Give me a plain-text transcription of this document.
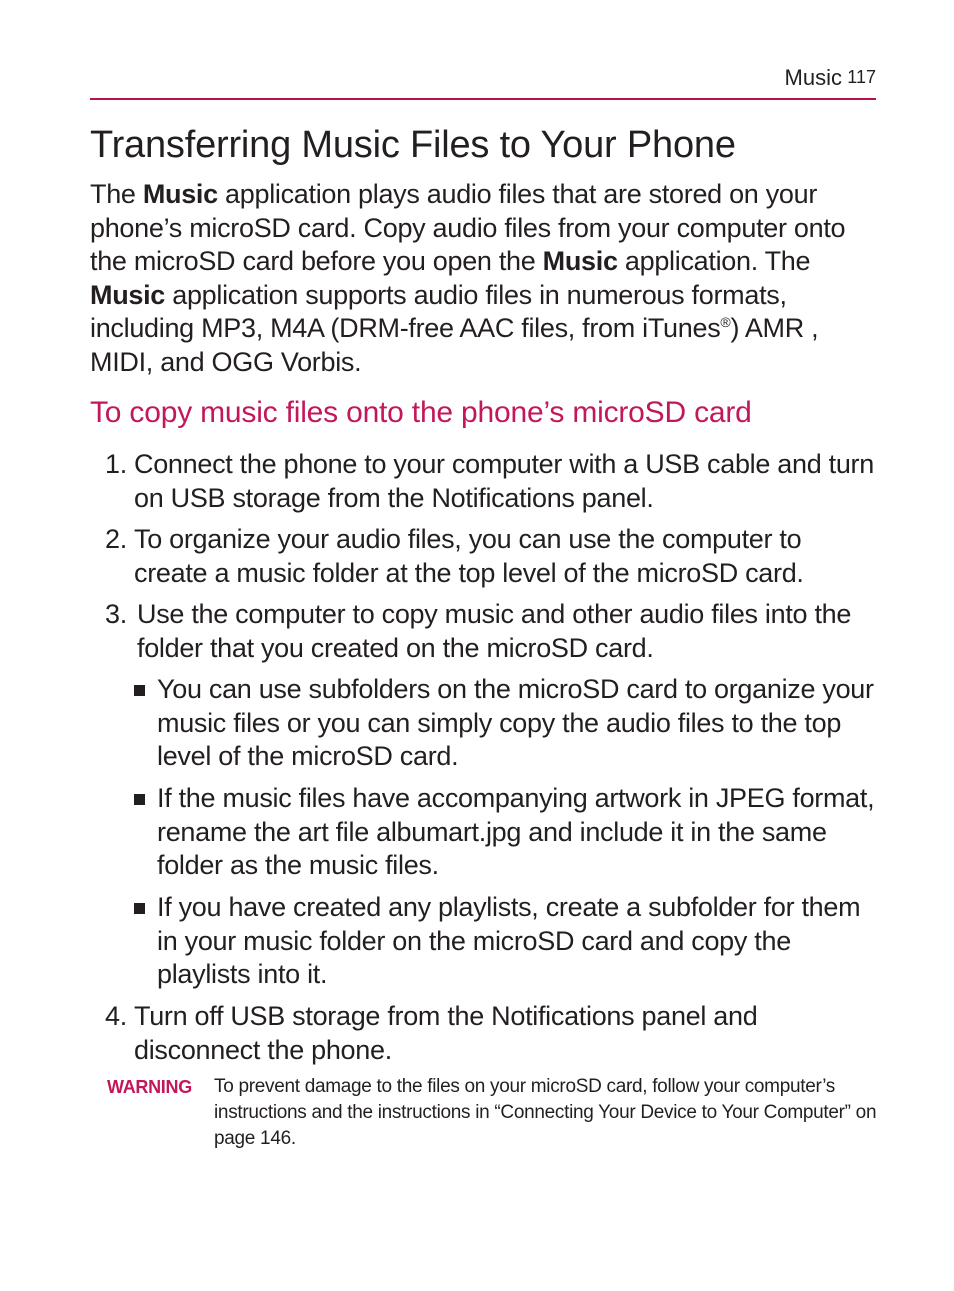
Music 117
Transferring Music Files to Your Phone

The Music application plays audio files that are stored on your phone’s microSD card. Copy audio files from your computer onto the microSD card before you open the Music application. The Music application supports audio files in numerous formats, including MP3, M4A (DRM-free AAC files, from iTunes®) AMR , MIDI, and OGG Vorbis.

To copy music files onto the phone’s microSD card
1. Connect the phone to your computer with a USB cable and turn on USB storage from the Notifications panel.

2. To organize your audio files, you can use the computer to create a music folder at the top level of the microSD card.

3. Use the computer to copy music and other audio files into the folder that you created on the microSD card.

You can use subfolders on the microSD card to organize your music files or you can simply copy the audio files to the top level of the microSD card.

If the music files have accompanying artwork in JPEG format, rename the art file albumart.jpg and include it in the same folder as the music files.

If you have created any playlists, create a subfolder for them in your music folder on the microSD card and copy the playlists into it.

4. Turn off USB storage from the Notifications panel and disconnect the phone.

WARNING To prevent damage to the files on your microSD card, follow your computer’s instructions and the instructions in “Connecting Your Device to Your Computer” on page 146.
